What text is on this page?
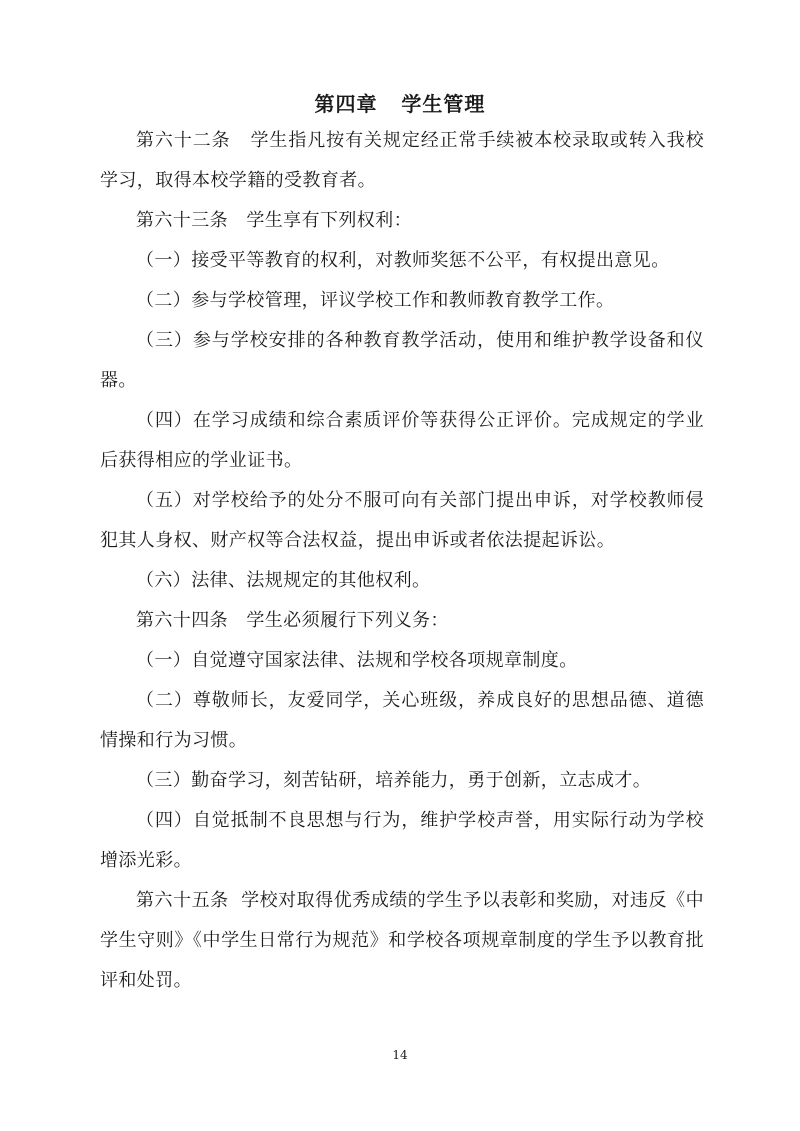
第四章   学生管理

第六十二条   学生指凡按有关规定经正常手续被本校录取或转入我校学习，取得本校学籍的受教育者。

第六十三条   学生享有下列权利：

（一）接受平等教育的权利，对教师奖惩不公平，有权提出意见。

（二）参与学校管理，评议学校工作和教师教育教学工作。

（三）参与学校安排的各种教育教学活动，使用和维护教学设备和仪器。

（四）在学习成绩和综合素质评价等获得公正评价。完成规定的学业后获得相应的学业证书。

（五）对学校给予的处分不服可向有关部门提出申诉，对学校教师侵犯其人身权、财产权等合法权益，提出申诉或者依法提起诉讼。

（六）法律、法规规定的其他权利。

第六十四条   学生必须履行下列义务：

（一）自觉遵守国家法律、法规和学校各项规章制度。

（二）尊敬师长，友爱同学，关心班级，养成良好的思想品德、道德情操和行为习惯。

（三）勤奋学习，刻苦钻研，培养能力，勇于创新，立志成才。

（四）自觉抵制不良思想与行为，维护学校声誉，用实际行动为学校增添光彩。

第六十五条  学校对取得优秀成绩的学生予以表彰和奖励，对违反《中学生守则》《中学生日常行为规范》和学校各项规章制度的学生予以教育批评和处罚。

14
